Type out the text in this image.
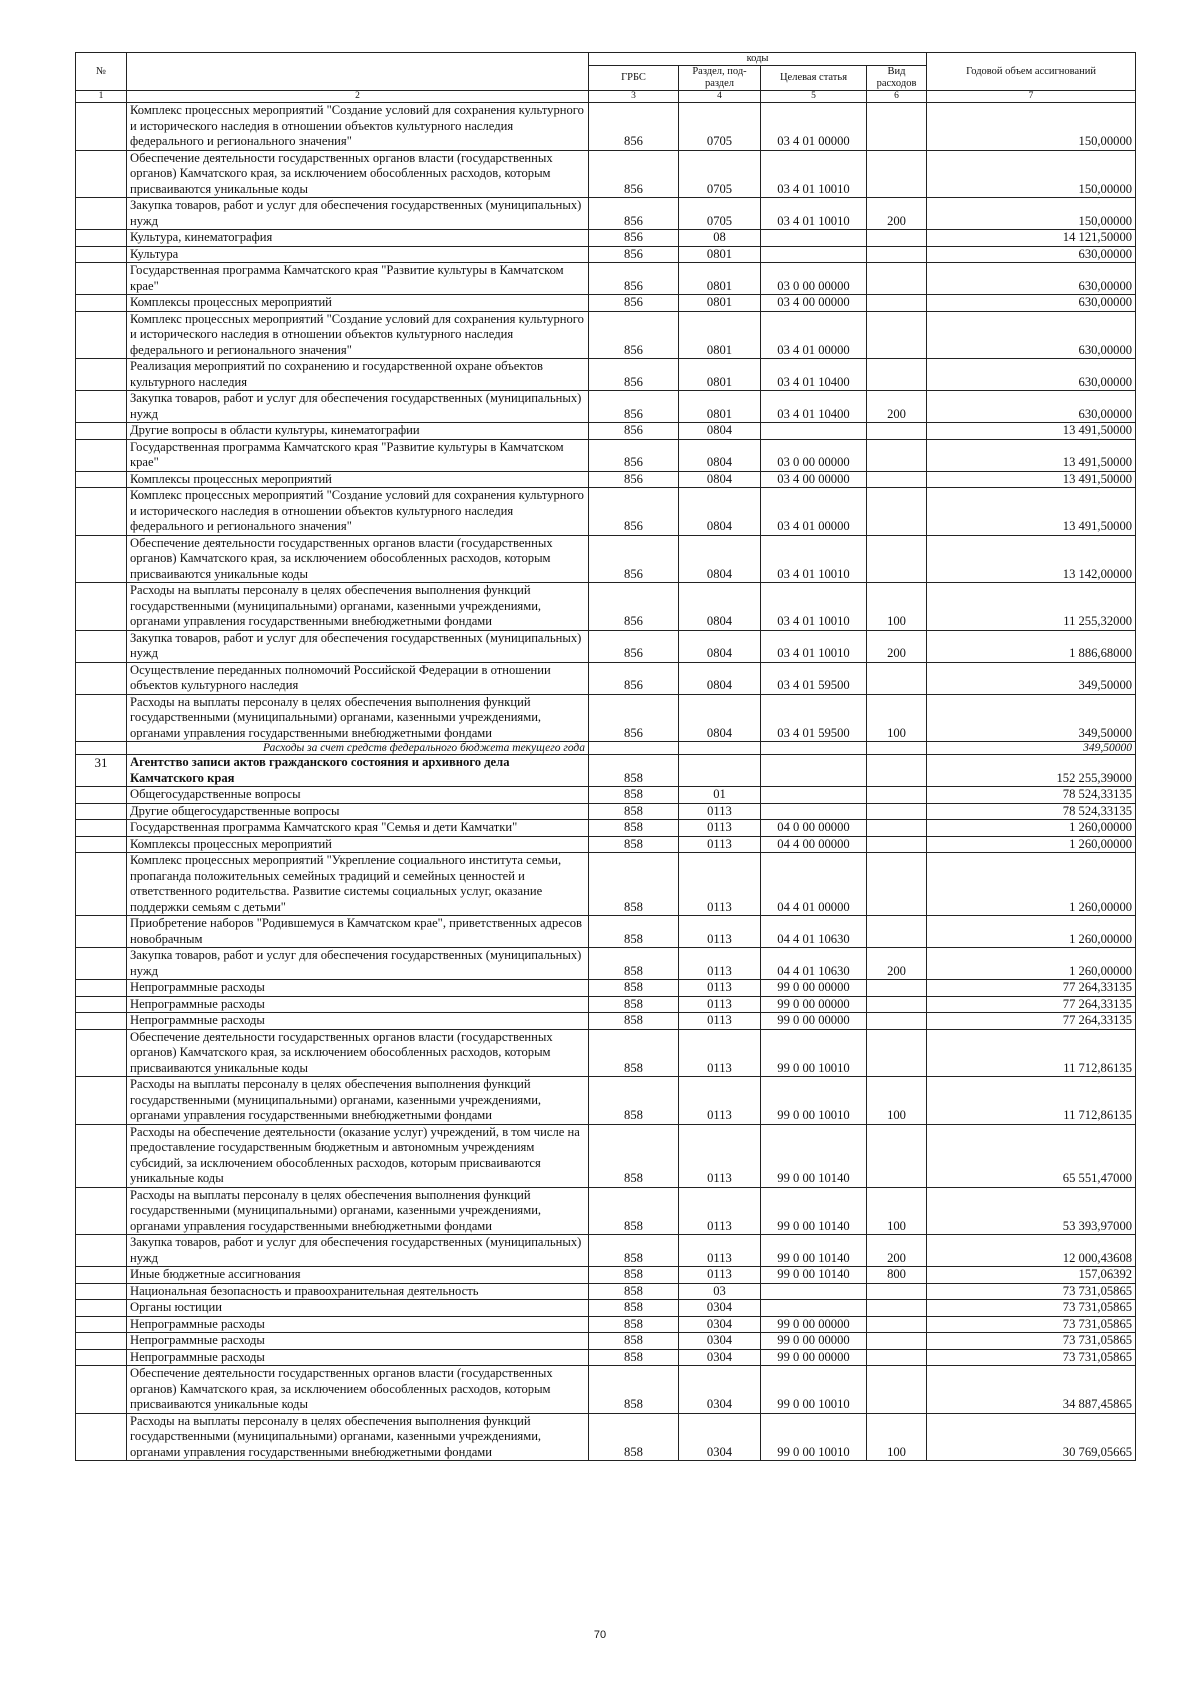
№		коды				Годовой объем ассигнований
		ГРБС	Раздел, под-раздел	Целевая статья	Вид расходов	
1	2	3	4	5	6	7
	Комплекс процессных мероприятий "Создание условий для сохранения культурного и исторического наследия в отношении объектов культурного наследия федерального и регионального значения"	856	0705	03 4 01 00000		150,00000
	Обеспечение деятельности государственных органов власти (государственных органов) Камчатского края, за исключением обособленных расходов, которым присваиваются уникальные коды	856	0705	03 4 01 10010		150,00000
	Закупка товаров, работ и услуг для обеспечения государственных (муниципальных) нужд	856	0705	03 4 01 10010	200	150,00000
	Культура, кинематография	856	08			14 121,50000
	Культура	856	0801			630,00000
	Государственная программа Камчатского края "Развитие культуры в Камчатском крае"	856	0801	03 0 00 00000		630,00000
	Комплексы процессных мероприятий	856	0801	03 4 00 00000		630,00000
	Комплекс процессных мероприятий "Создание условий для сохранения культурного и исторического наследия в отношении объектов культурного наследия федерального и регионального значения"	856	0801	03 4 01 00000		630,00000
	Реализация мероприятий по сохранению и государственной охране объектов культурного наследия	856	0801	03 4 01 10400		630,00000
	Закупка товаров, работ и услуг для обеспечения государственных (муниципальных) нужд	856	0801	03 4 01 10400	200	630,00000
	Другие вопросы в области культуры, кинематографии	856	0804			13 491,50000
	Государственная программа Камчатского края "Развитие культуры в Камчатском крае"	856	0804	03 0 00 00000		13 491,50000
	Комплексы процессных мероприятий	856	0804	03 4 00 00000		13 491,50000
	Комплекс процессных мероприятий "Создание условий для сохранения культурного и исторического наследия в отношении объектов культурного наследия федерального и регионального значения"	856	0804	03 4 01 00000		13 491,50000
	Обеспечение деятельности государственных органов власти (государственных органов) Камчатского края, за исключением обособленных расходов, которым присваиваются уникальные коды	856	0804	03 4 01 10010		13 142,00000
	Расходы на выплаты персоналу в целях обеспечения выполнения функций государственными (муниципальными) органами, казенными учреждениями, органами управления государственными внебюджетными фондами	856	0804	03 4 01 10010	100	11 255,32000
	Закупка товаров, работ и услуг для обеспечения государственных (муниципальных) нужд	856	0804	03 4 01 10010	200	1 886,68000
	Осуществление переданных полномочий Российской Федерации в отношении объектов культурного наследия	856	0804	03 4 01 59500		349,50000
	Расходы на выплаты персоналу в целях обеспечения выполнения функций государственными (муниципальными) органами, казенными учреждениями, органами управления государственными внебюджетными фондами	856	0804	03 4 01 59500	100	349,50000
	Расходы за счет средств федерального бюджета текущего года					349,50000
31	Агентство записи актов гражданского состояния и архивного дела Камчатского края	858				152 255,39000
	Общегосударственные вопросы	858	01			78 524,33135
	Другие общегосударственные вопросы	858	0113			78 524,33135
	Государственная программа Камчатского края "Семья и дети Камчатки"	858	0113	04 0 00 00000		1 260,00000
	Комплексы процессных мероприятий	858	0113	04 4 00 00000		1 260,00000
	Комплекс процессных мероприятий "Укрепление социального института семьи, пропаганда положительных семейных традиций и семейных ценностей и ответственного родительства. Развитие системы социальных услуг, оказание поддержки семьям с детьми"	858	0113	04 4 01 00000		1 260,00000
	Приобретение наборов "Родившемуся в Камчатском крае", приветственных адресов новобрачным	858	0113	04 4 01 10630		1 260,00000
	Закупка товаров, работ и услуг для обеспечения государственных (муниципальных) нужд	858	0113	04 4 01 10630	200	1 260,00000
	Непрограммные расходы	858	0113	99 0 00 00000		77 264,33135
	Непрограммные расходы	858	0113	99 0 00 00000		77 264,33135
	Непрограммные расходы	858	0113	99 0 00 00000		77 264,33135
	Обеспечение деятельности государственных органов власти (государственных органов) Камчатского края, за исключением обособленных расходов, которым присваиваются уникальные коды	858	0113	99 0 00 10010		11 712,86135
	Расходы на выплаты персоналу в целях обеспечения выполнения функций государственными (муниципальными) органами, казенными учреждениями, органами управления государственными внебюджетными фондами	858	0113	99 0 00 10010	100	11 712,86135
	Расходы на обеспечение деятельности (оказание услуг) учреждений, в том числе на предоставление государственным бюджетным и автономным учреждениям субсидий, за исключением обособленных расходов, которым присваиваются уникальные коды	858	0113	99 0 00 10140		65 551,47000
	Расходы на выплаты персоналу в целях обеспечения выполнения функций государственными (муниципальными) органами, казенными учреждениями, органами управления государственными внебюджетными фондами	858	0113	99 0 00 10140	100	53 393,97000
	Закупка товаров, работ и услуг для обеспечения государственных (муниципальных) нужд	858	0113	99 0 00 10140	200	12 000,43608
	Иные бюджетные ассигнования	858	0113	99 0 00 10140	800	157,06392
	Национальная безопасность и правоохранительная деятельность	858	03			73 731,05865
	Органы юстиции	858	0304			73 731,05865
	Непрограммные расходы	858	0304	99 0 00 00000		73 731,05865
	Непрограммные расходы	858	0304	99 0 00 00000		73 731,05865
	Непрограммные расходы	858	0304	99 0 00 00000		73 731,05865
	Обеспечение деятельности государственных органов власти (государственных органов) Камчатского края, за исключением обособленных расходов, которым присваиваются уникальные коды	858	0304	99 0 00 10010		34 887,45865
	Расходы на выплаты персоналу в целях обеспечения выполнения функций государственными (муниципальными) органами, казенными учреждениями, органами управления государственными внебюджетными фондами	858	0304	99 0 00 10010	100	30 769,05665
70
